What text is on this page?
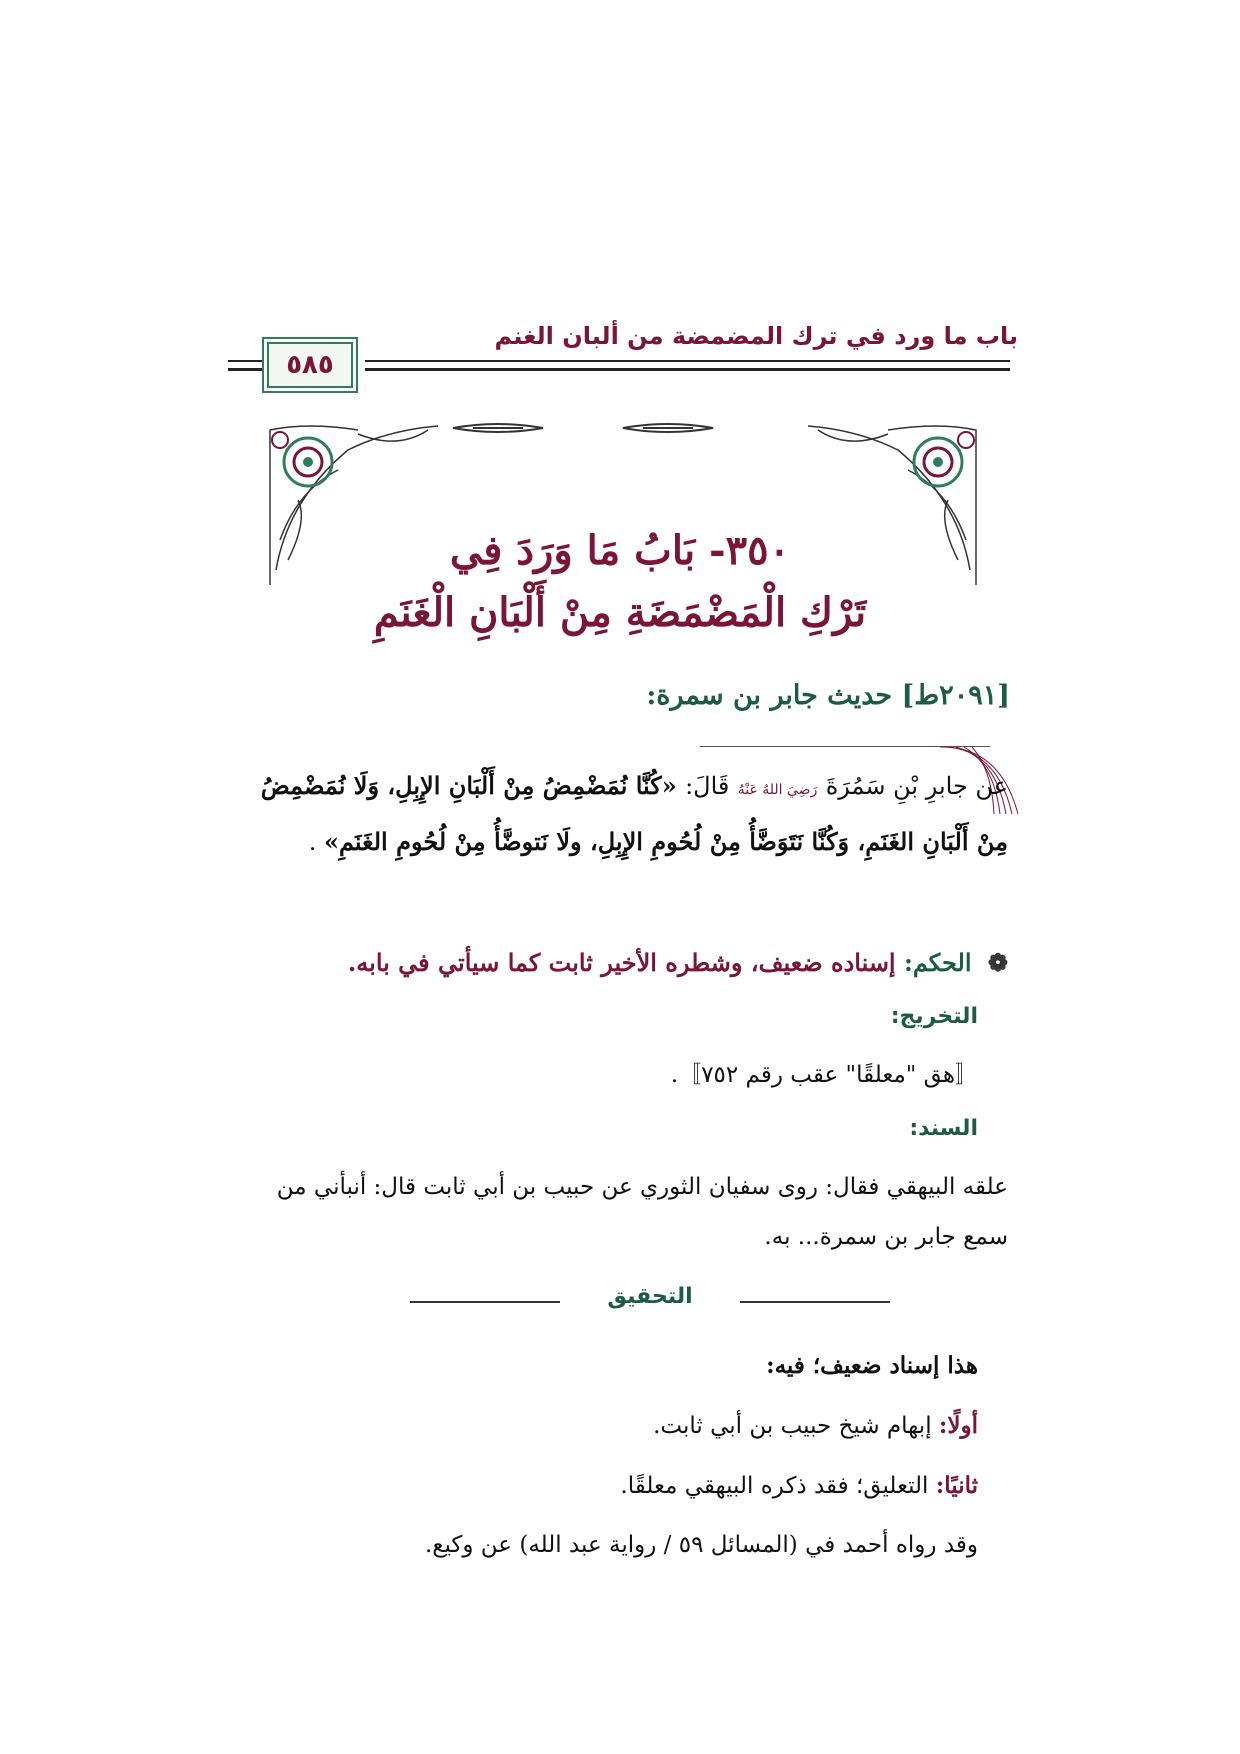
باب ما ورد في ترك المضمضة من ألبان الغنم
٥٨٥
٣٥٠- بَابُ مَا وَرَدَ فِي
تَرْكِ الْمَضْمَضَةِ مِنْ أَلْبَانِ الْغَنَمِ
[٢٠٩١ط] حديث جابر بن سمرة:
عن جابرِ بْنِ سَمُرَةَ رَضِيَ اللهُ عَنْهُ قَالَ: «كُنَّا نُمَضْمِضُ مِنْ أَلْبَانِ الإِبِلِ، وَلَا نُمَضْمِضُ مِنْ أَلْبَانِ الغَنَمِ، وَكُنَّا نَتَوَضَّأُ مِنْ لُحُومِ الإِبِلِ، ولَا نَتوضَّأُ مِنْ لُحُومِ الغَنَمِ» .
❁ الحكم: إسناده ضعيف، وشطره الأخير ثابت كما سيأتي في بابه.
التخريج:
〚هق "معلقًا" عقب رقم ٧٥٢〛.
السند:
علقه البيهقي فقال: روى سفيان الثوري عن حبيب بن أبي ثابت قال: أنبأني من سمع جابر بن سمرة... به.
التحقيق
هذا إسناد ضعيف؛ فيه:
أولًا: إبهام شيخ حبيب بن أبي ثابت.
ثانيًا: التعليق؛ فقد ذكره البيهقي معلقًا.
وقد رواه أحمد في (المسائل ٥٩ / رواية عبد الله) عن وكيع.
